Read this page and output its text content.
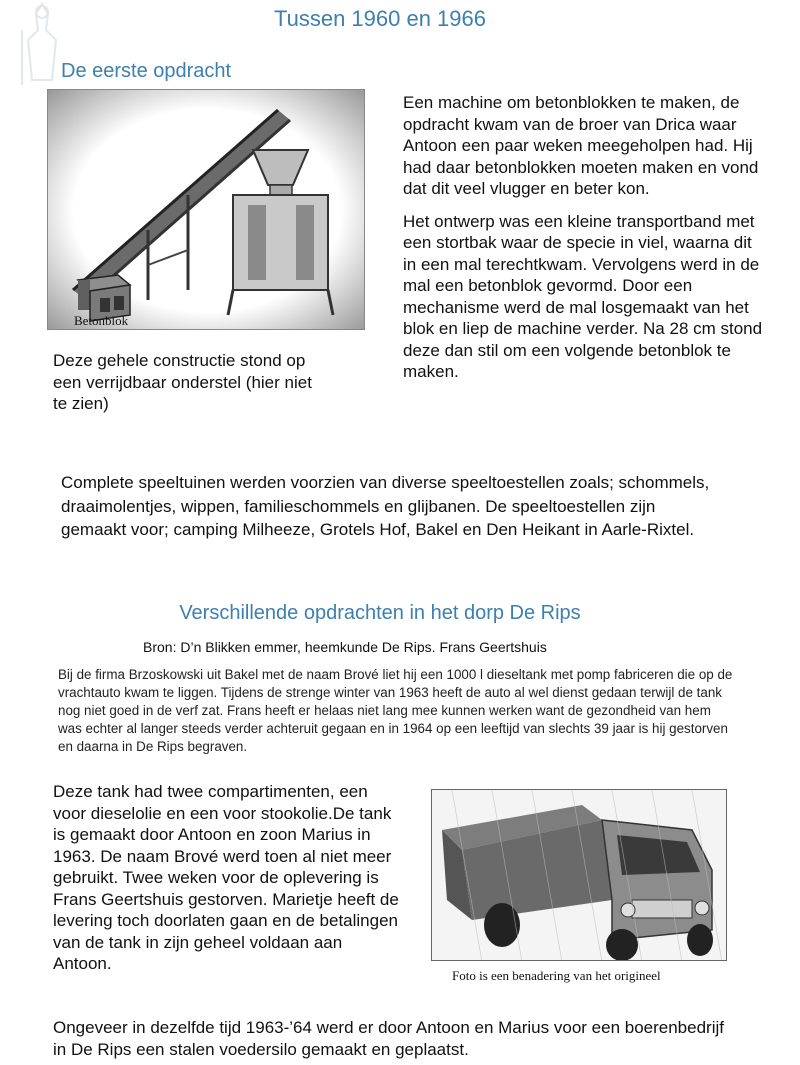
Tussen 1960 en 1966
De eerste opdracht
Betonblok

Een machine om betonblokken te maken, de opdracht kwam van de broer van Drica waar Antoon een paar weken meegeholpen had. Hij had daar betonblokken moeten maken en vond dat dit veel vlugger en beter kon.

Het ontwerp was een kleine transportband met een stortbak waar de specie in viel, waarna dit in een mal terechtkwam. Vervolgens werd in de mal een betonblok gevormd. Door een mechanisme werd de mal losgemaakt van het blok en liep de machine verder. Na 28 cm stond deze dan stil om een volgende betonblok te maken.

Deze gehele constructie stond op een verrijdbaar onderstel (hier niet te zien)
Complete speeltuinen werden voorzien van diverse speeltoestellen zoals; schommels, draaimolentjes, wippen, familieschommels en glijbanen. De speeltoestellen zijn gemaakt voor; camping Milheeze, Grotels Hof, Bakel en Den Heikant in Aarle-Rixtel.
Verschillende opdrachten in het dorp De Rips
Bron: D’n Blikken emmer, heemkunde De Rips. Frans Geertshuis
Bij de firma Brzoskowski uit Bakel met de naam Brové liet hij een 1000 l dieseltank met pomp fabriceren die op de vrachtauto kwam te liggen. Tijdens de strenge winter van 1963 heeft de auto al wel dienst gedaan terwijl de tank nog niet goed in de verf zat. Frans heeft er helaas niet lang mee kunnen werken want de gezondheid van hem was echter al langer steeds verder achteruit gegaan en in 1964 op een leeftijd van slechts 39 jaar is hij gestorven en daarna in De Rips begraven.
Deze tank had twee compartimenten, een voor dieselolie en een voor stookolie.De tank is gemaakt door Antoon en zoon Marius in 1963. De naam Brové werd toen al niet meer gebruikt. Twee weken voor de oplevering is Frans Geertshuis gestorven. Marietje heeft de levering toch doorlaten gaan en de betalingen van de tank in zijn geheel voldaan aan Antoon.
Foto is een benadering van het origineel
Ongeveer in dezelfde tijd 1963-’64 werd er door Antoon en Marius voor een boerenbedrijf in De Rips een stalen voedersilo gemaakt en geplaatst.
